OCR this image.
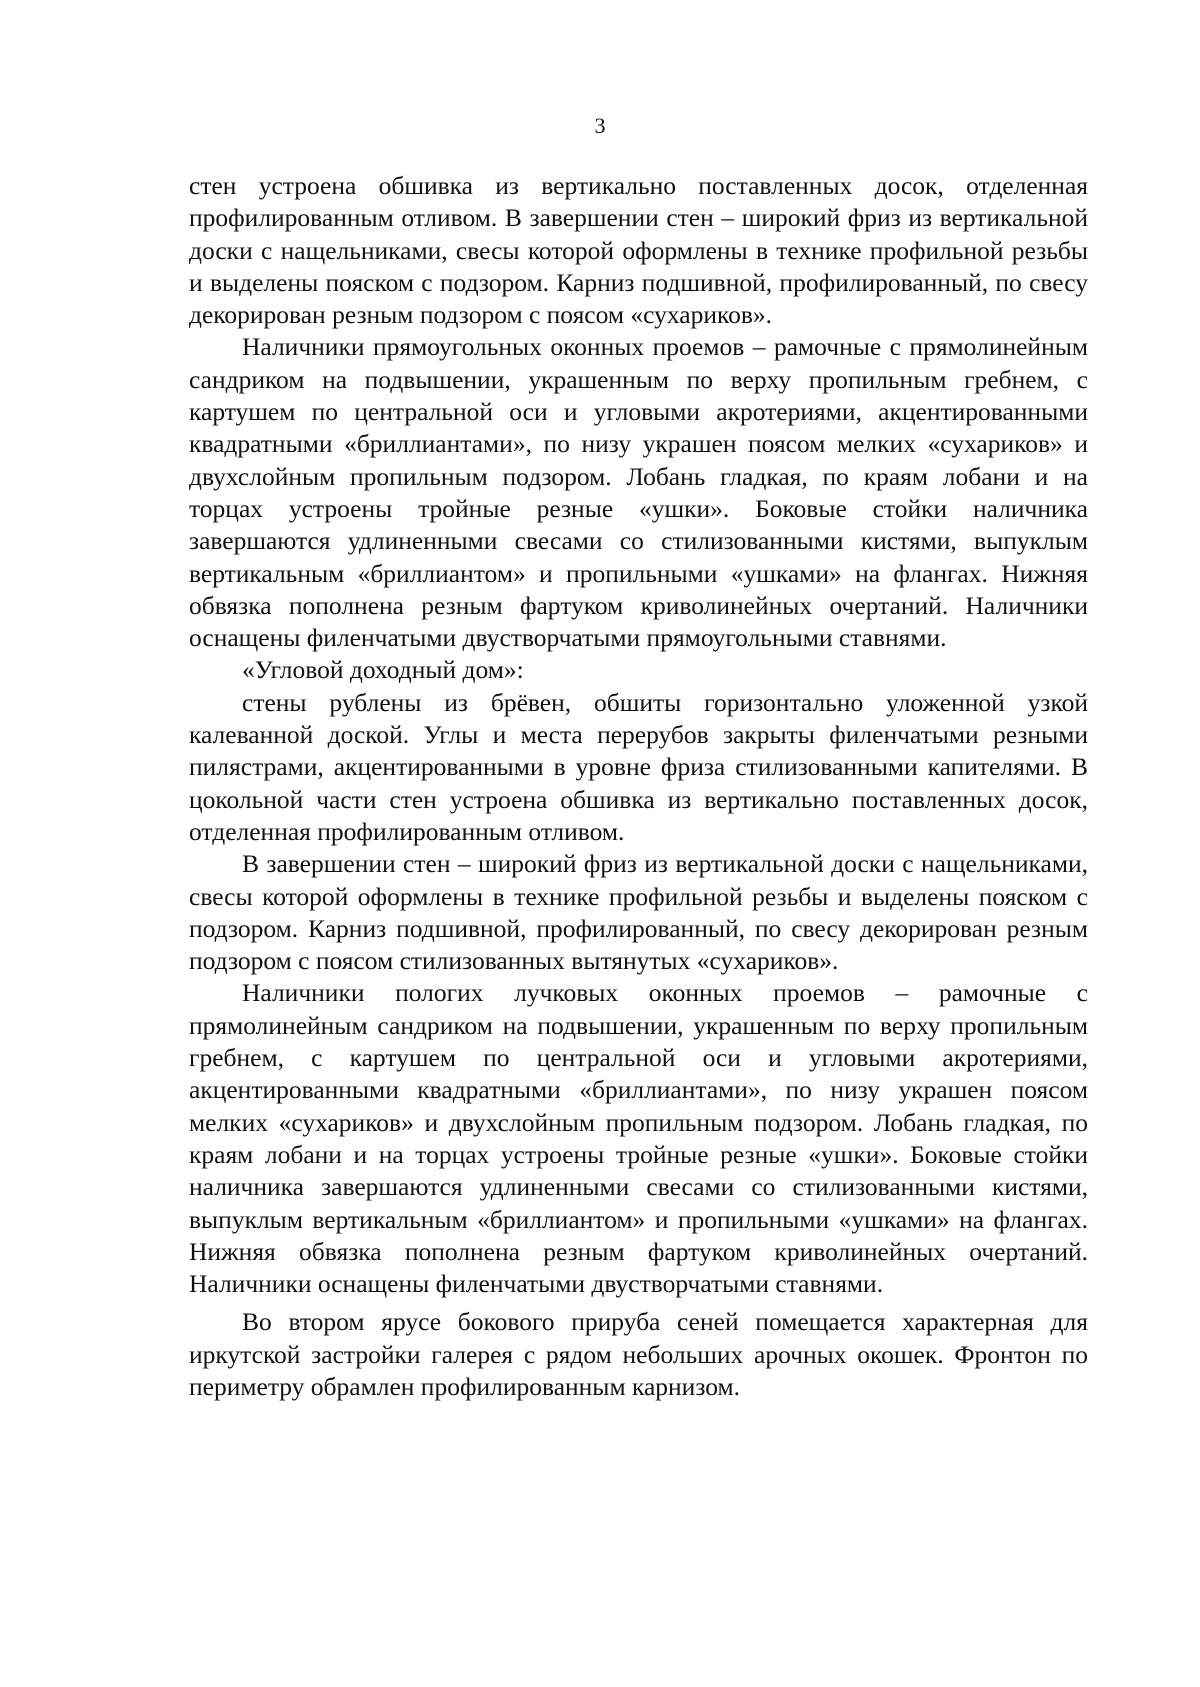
3

стен устроена обшивка из вертикально поставленных досок, отделенная профилированным отливом. В завершении стен – широкий фриз из вертикальной доски с нащельниками, свесы которой оформлены в технике профильной резьбы и выделены пояском с подзором. Карниз подшивной, профилированный, по свесу декорирован резным подзором с поясом «сухариков».

Наличники прямоугольных оконных проемов – рамочные с прямолинейным сандриком на подвышении, украшенным по верху пропильным гребнем, с картушем по центральной оси и угловыми акротериями, акцентированными квадратными «бриллиантами», по низу украшен поясом мелких «сухариков» и двухслойным пропильным подзором. Лобань гладкая, по краям лобани и на торцах устроены тройные резные «ушки». Боковые стойки наличника завершаются удлиненными свесами со стилизованными кистями, выпуклым вертикальным «бриллиантом» и пропильными «ушками» на флангах. Нижняя обвязка пополнена резным фартуком криволинейных очертаний. Наличники оснащены филенчатыми двустворчатыми прямоугольными ставнями.

«Угловой доходный дом»:

стены рублены из брёвен, обшиты горизонтально уложенной узкой калеванной доской. Углы и места перерубов закрыты филенчатыми резными пилястрами, акцентированными в уровне фриза стилизованными капителями. В цокольной части стен устроена обшивка из вертикально поставленных досок, отделенная профилированным отливом.

В завершении стен – широкий фриз из вертикальной доски с нащельниками, свесы которой оформлены в технике профильной резьбы и выделены пояском с подзором. Карниз подшивной, профилированный, по свесу декорирован резным подзором с поясом стилизованных вытянутых «сухариков».

Наличники пологих лучковых оконных проемов – рамочные с прямолинейным сандриком на подвышении, украшенным по верху пропильным гребнем, с картушем по центральной оси и угловыми акротериями, акцентированными квадратными «бриллиантами», по низу украшен поясом мелких «сухариков» и двухслойным пропильным подзором. Лобань гладкая, по краям лобани и на торцах устроены тройные резные «ушки». Боковые стойки наличника завершаются удлиненными свесами со стилизованными кистями, выпуклым вертикальным «бриллиантом» и пропильными «ушками» на флангах. Нижняя обвязка пополнена резным фартуком криволинейных очертаний. Наличники оснащены филенчатыми двустворчатыми ставнями.

Во втором ярусе бокового прируба сеней помещается характерная для иркутской застройки галерея с рядом небольших арочных окошек. Фронтон по периметру обрамлен профилированным карнизом.
